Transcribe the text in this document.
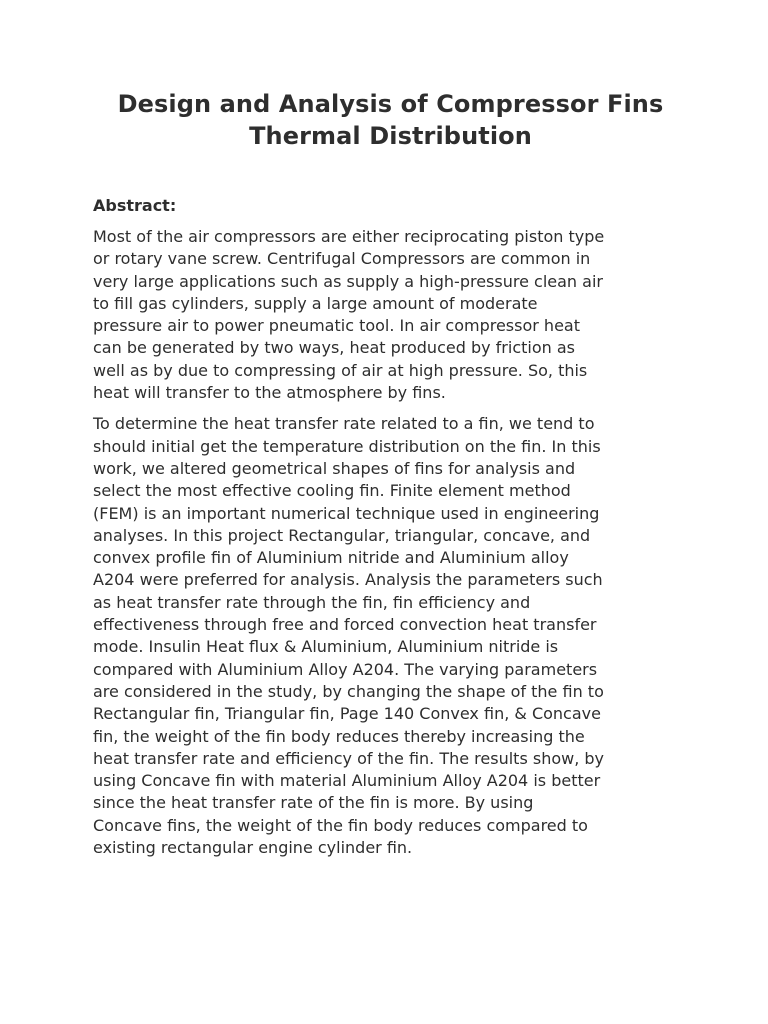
Design and Analysis of Compressor Fins
Thermal Distribution
Abstract:

Most of the air compressors are either reciprocating piston type
or rotary vane screw. Centrifugal Compressors are common in
very large applications such as supply a high-pressure clean air
to fill gas cylinders, supply a large amount of moderate
pressure air to power pneumatic tool. In air compressor heat
can be generated by two ways, heat produced by friction as
well as by due to compressing of air at high pressure. So, this
heat will transfer to the atmosphere by fins.

To determine the heat transfer rate related to a fin, we tend to
should initial get the temperature distribution on the fin. In this
work, we altered geometrical shapes of fins for analysis and
select the most effective cooling fin. Finite element method
(FEM) is an important numerical technique used in engineering
analyses. In this project Rectangular, triangular, concave, and
convex profile fin of Aluminium nitride and Aluminium alloy
A204 were preferred for analysis. Analysis the parameters such
as heat transfer rate through the fin, fin efficiency and
effectiveness through free and forced convection heat transfer
mode. Insulin Heat flux & Aluminium, Aluminium nitride is
compared with Aluminium Alloy A204. The varying parameters
are considered in the study, by changing the shape of the fin to
Rectangular fin, Triangular fin, Page 140 Convex fin, & Concave
fin, the weight of the fin body reduces thereby increasing the
heat transfer rate and efficiency of the fin. The results show, by
using Concave fin with material Aluminium Alloy A204 is better
since the heat transfer rate of the fin is more. By using
Concave fins, the weight of the fin body reduces compared to
existing rectangular engine cylinder fin.
